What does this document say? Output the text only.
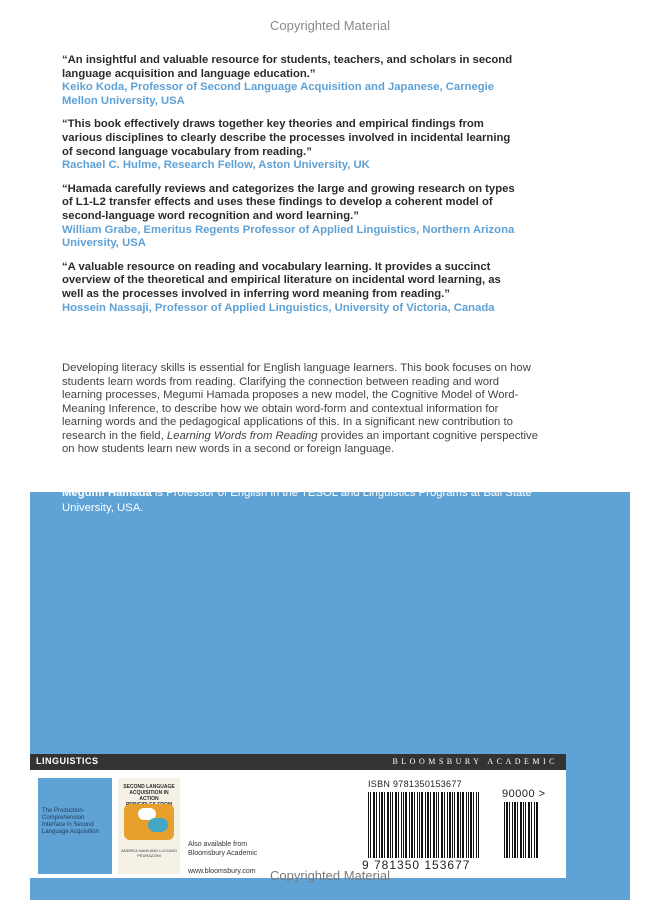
Copyrighted Material
“An insightful and valuable resource for students, teachers, and scholars in second language acquisition and language education.”
Keiko Koda, Professor of Second Language Acquisition and Japanese, Carnegie Mellon University, USA
“This book effectively draws together key theories and empirical findings from various disciplines to clearly describe the processes involved in incidental learning of second language vocabulary from reading.”
Rachael C. Hulme, Research Fellow, Aston University, UK
“Hamada carefully reviews and categorizes the large and growing research on types of L1-L2 transfer effects and uses these findings to develop a coherent model of second-language word recognition and word learning.”
William Grabe, Emeritus Regents Professor of Applied Linguistics, Northern Arizona University, USA
“A valuable resource on reading and vocabulary learning. It provides a succinct overview of the theoretical and empirical literature on incidental word learning, as well as the processes involved in inferring word meaning from reading.”
Hossein Nassaji, Professor of Applied Linguistics, University of Victoria, Canada
Developing literacy skills is essential for English language learners. This book focuses on how students learn words from reading. Clarifying the connection between reading and word learning processes, Megumi Hamada proposes a new model, the Cognitive Model of Word-Meaning Inference, to describe how we obtain word-form and contextual information for learning words and the pedagogical applications of this. In a significant new contribution to research in the field, Learning Words from Reading provides an important cognitive perspective on how students learn new words in a second or foreign language.
Megumi Hamada is Professor of English in the TESOL and Linguistics Programs at Ball State University, USA.
LINGUISTICS	BLOOMSBURY ACADEMIC
The Production-Comprehension Interface in Second Language Acquisition
SECOND LANGUAGE ACQUISITION IN ACTION

ANDREA NAVA AND LUCIANO PEDRAZZINI
Also available from
Bloomsbury Academic
www.bloomsbury.com
ISBN 9781350153677
90000 >
9 781350 153677
Copyrighted Material
